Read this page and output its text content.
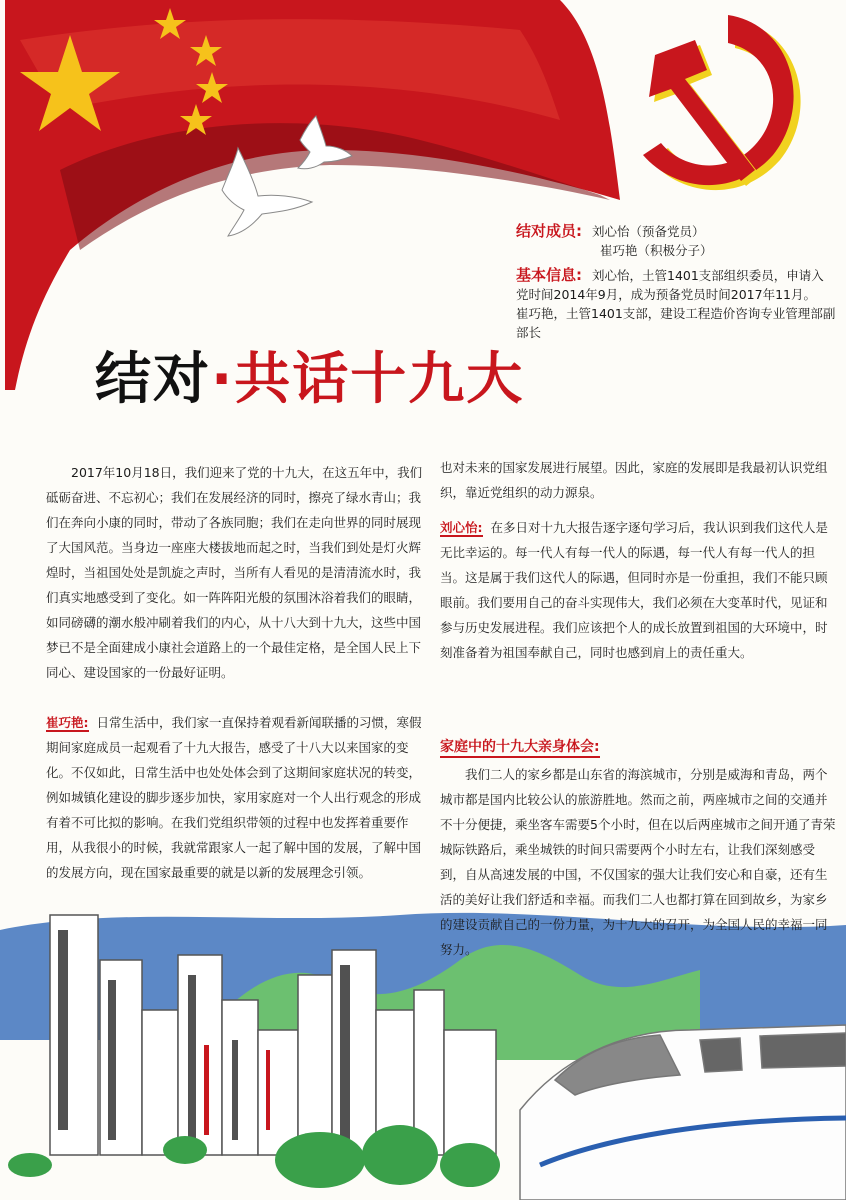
结对成员: 刘心怡（预备党员）
崔巧艳（积极分子）
基本信息: 刘心怡，土管1401支部组织委员，申请入党时间2014年9月，成为预备党员时间2017年11月。
崔巧艳，土管1401支部，建设工程造价咨询专业管理部副部长
结对·共话十九大
2017年10月18日，我们迎来了党的十九大，在这五年中，我们砥砺奋进、不忘初心；我们在发展经济的同时，擦亮了绿水青山；我们在奔向小康的同时，带动了各族同胞；我们在走向世界的同时展现了大国风范。当身边一座座大楼拔地而起之时，当我们到处是灯火辉煌时，当祖国处处是凯旋之声时，当所有人看见的是清清流水时，我们真实地感受到了变化。如一阵阵阳光般的氛围沐浴着我们的眼睛，如同磅礴的潮水般冲刷着我们的内心，从十八大到十九大，这些中国梦已不是全面建成小康社会道路上的一个最佳定格，是全国人民上下同心、建设国家的一份最好证明。
崔巧艳: 日常生活中，我们家一直保持着观看新闻联播的习惯，寒假期间家庭成员一起观看了十九大报告，感受了十八大以来国家的变化。不仅如此，日常生活中也处处体会到了这期间家庭状况的转变，例如城镇化建设的脚步逐步加快，家用家庭对一个人出行观念的形成有着不可比拟的影响。在我们党组织带领的过程中也发挥着重要作用，从我很小的时候，我就常跟家人一起了解中国的发展，了解中国的发展方向，现在国家最重要的就是以新的发展理念引领。
也对未来的国家发展进行展望。因此，家庭的发展即是我最初认识党组织，靠近党组织的动力源泉。
刘心怡: 在多日对十九大报告逐字逐句学习后，我认识到我们这代人是无比幸运的。每一代人有每一代人的际遇，每一代人有每一代人的担当。这是属于我们这代人的际遇，但同时亦是一份重担，我们不能只顾眼前。我们要用自己的奋斗实现伟大，我们必须在大变革时代，见证和参与历史发展进程。我们应该把个人的成长放置到祖国的大环境中，时刻准备着为祖国奉献自己，同时也感到肩上的责任重大。
家庭中的十九大亲身体会:
我们二人的家乡都是山东省的海滨城市，分别是威海和青岛，两个城市都是国内比较公认的旅游胜地。然而之前，两座城市之间的交通并不十分便捷，乘坐客车需要5个小时，但在以后两座城市之间开通了青荣城际铁路后，乘坐城铁的时间只需要两个小时左右，让我们深刻感受到，自从高速发展的中国，不仅国家的强大让我们安心和自豪，还有生活的美好让我们舒适和幸福。而我们二人也都打算在回到故乡，为家乡的建设贡献自己的一份力量，为十九大的召开，为全国人民的幸福一同努力。
